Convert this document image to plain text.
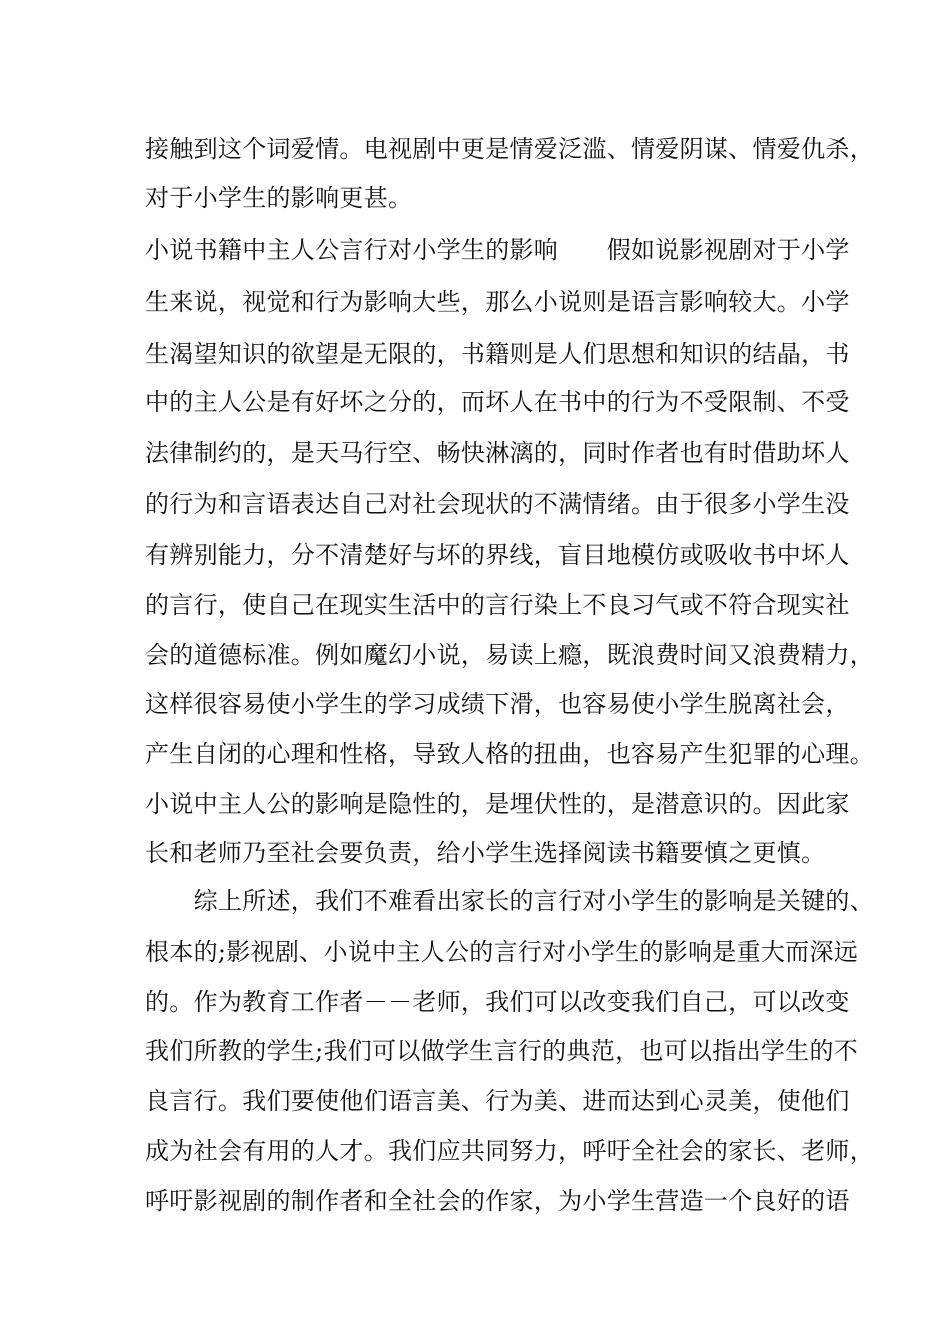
接触到这个词爱情。电视剧中更是情爱泛滥、情爱阴谋、情爱仇杀，
对于小学生的影响更甚。
小说书籍中主人公言行对小学生的影响　　假如说影视剧对于小学
生来说，视觉和行为影响大些，那么小说则是语言影响较大。小学
生渴望知识的欲望是无限的，书籍则是人们思想和知识的结晶，书
中的主人公是有好坏之分的，而坏人在书中的行为不受限制、不受
法律制约的，是天马行空、畅快淋漓的，同时作者也有时借助坏人
的行为和言语表达自己对社会现状的不满情绪。由于很多小学生没
有辨别能力，分不清楚好与坏的界线，盲目地模仿或吸收书中坏人
的言行，使自己在现实生活中的言行染上不良习气或不符合现实社
会的道德标准。例如魔幻小说，易读上瘾，既浪费时间又浪费精力，
这样很容易使小学生的学习成绩下滑，也容易使小学生脱离社会，
产生自闭的心理和性格，导致人格的扭曲，也容易产生犯罪的心理。
小说中主人公的影响是隐性的，是埋伏性的，是潜意识的。因此家
长和老师乃至社会要负责，给小学生选择阅读书籍要慎之更慎。
　　综上所述，我们不难看出家长的言行对小学生的影响是关键的、
根本的;影视剧、小说中主人公的言行对小学生的影响是重大而深远
的。作为教育工作者－－老师，我们可以改变我们自己，可以改变
我们所教的学生;我们可以做学生言行的典范，也可以指出学生的不
良言行。我们要使他们语言美、行为美、进而达到心灵美，使他们
成为社会有用的人才。我们应共同努力，呼吁全社会的家长、老师，
呼吁影视剧的制作者和全社会的作家，为小学生营造一个良好的语
